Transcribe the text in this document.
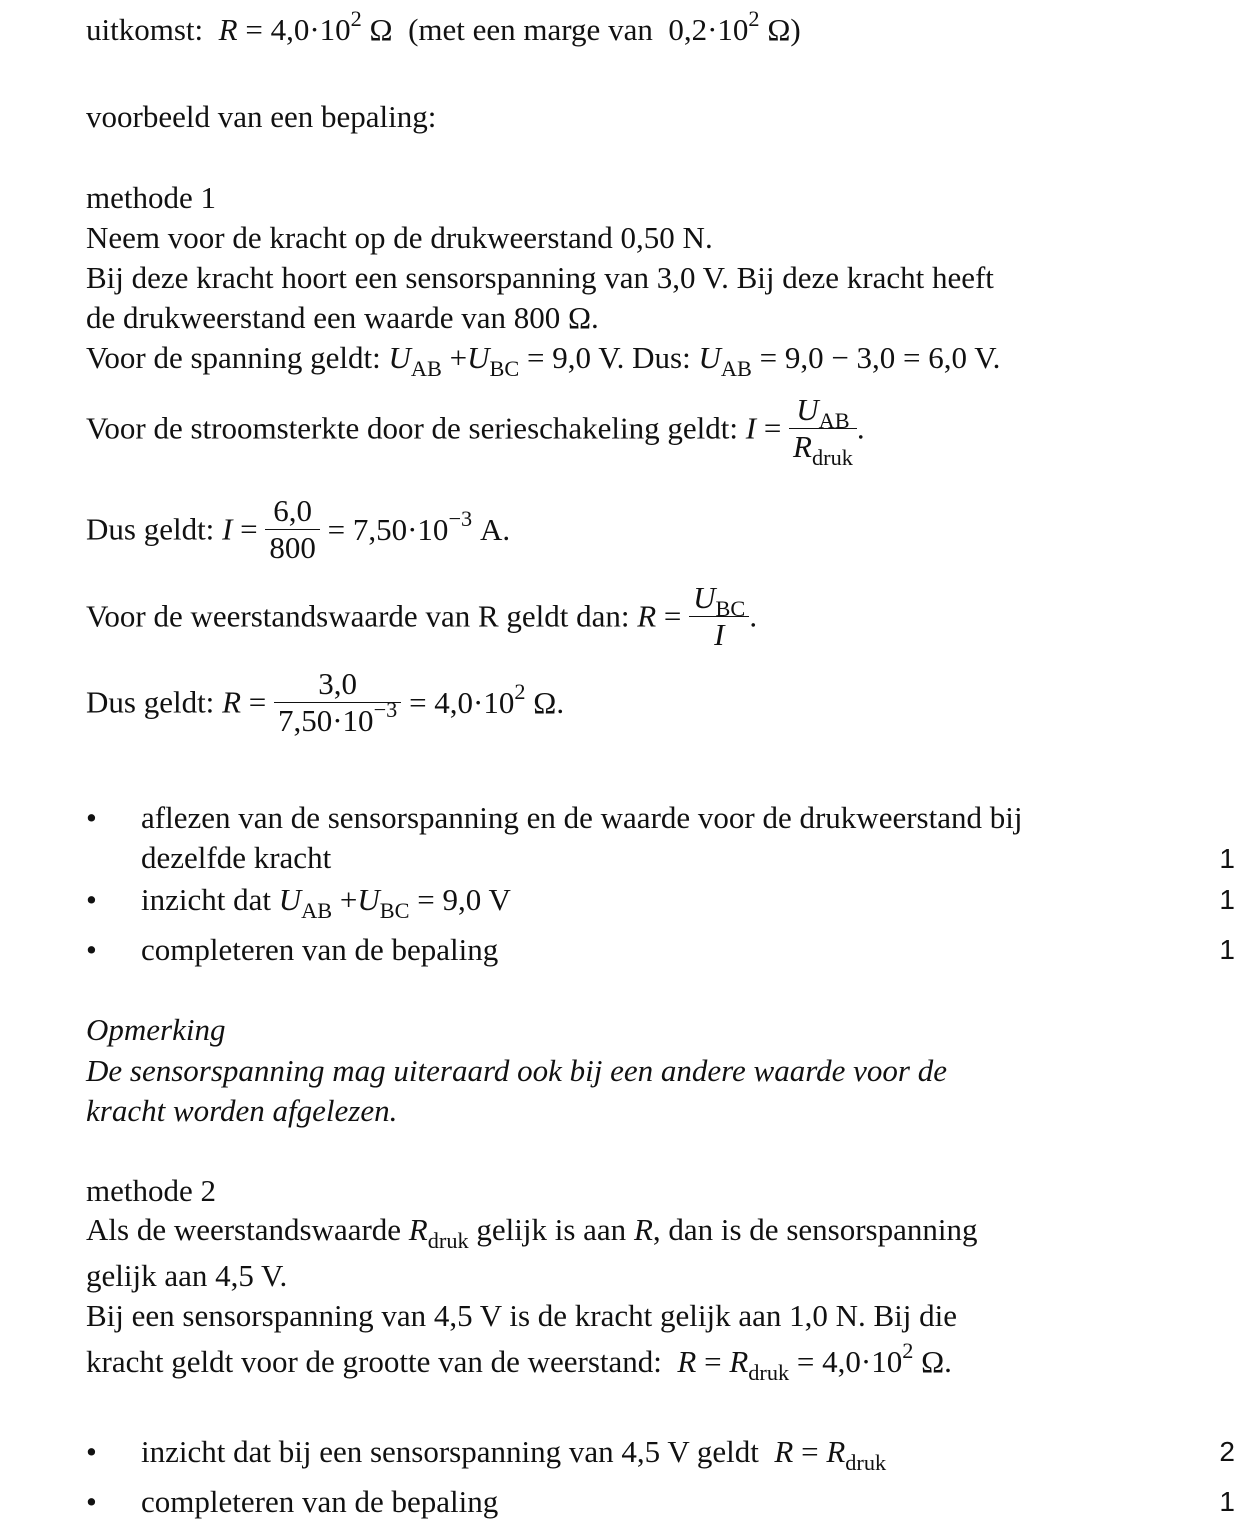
uitkomst: $R = 4,0\cdot 10^2$ Ω (met een marge van $0,2\cdot 10^2$ Ω)
voorbeeld van een bepaling:
methode 1
Neem voor de kracht op de drukweerstand 0,50 N.
Bij deze kracht hoort een sensorspanning van 3,0 V. Bij deze kracht heeft
de drukweerstand een waarde van 800 Ω.
Voor de spanning geldt: $U_{AB} +U_{BC} = 9,0$ V. Dus: $U_{AB} = 9,0 - 3,0 = 6,0$ V.
Voor de stroomsterkte door de serieschakeling geldt: $I = \frac{U_{AB}}{R_{druk}}$ .
Dus geldt: $I = \frac{6,0}{800} = 7,50\cdot 10^{-3}$ A.
Voor de weerstandswaarde van R geldt dan: $R = \frac{U_{BC}}{I}$ .
Dus geldt: $R = \frac{3,0}{7,50\cdot 10^{-3}} = 4,0\cdot 10^2$ Ω.
• aflezen van de sensorspanning en de waarde voor de drukweerstand bij
dezelfde kracht	1
• inzicht dat $U_{AB} +U_{BC} = 9,0$ V	1
• completeren van de bepaling	1
Opmerking
De sensorspanning mag uiteraard ook bij een andere waarde voor de
kracht worden afgelezen.
methode 2
Als de weerstandswaarde $R_{druk}$ gelijk is aan R, dan is de sensorspanning
gelijk aan 4,5 V.
Bij een sensorspanning van 4,5 V is de kracht gelijk aan 1,0 N. Bij die
kracht geldt voor de grootte van de weerstand: $R = R_{druk} = 4,0\cdot 10^2$ Ω.
• inzicht dat bij een sensorspanning van 4,5 V geldt $R = R_{druk}$	2
• completeren van de bepaling	1
